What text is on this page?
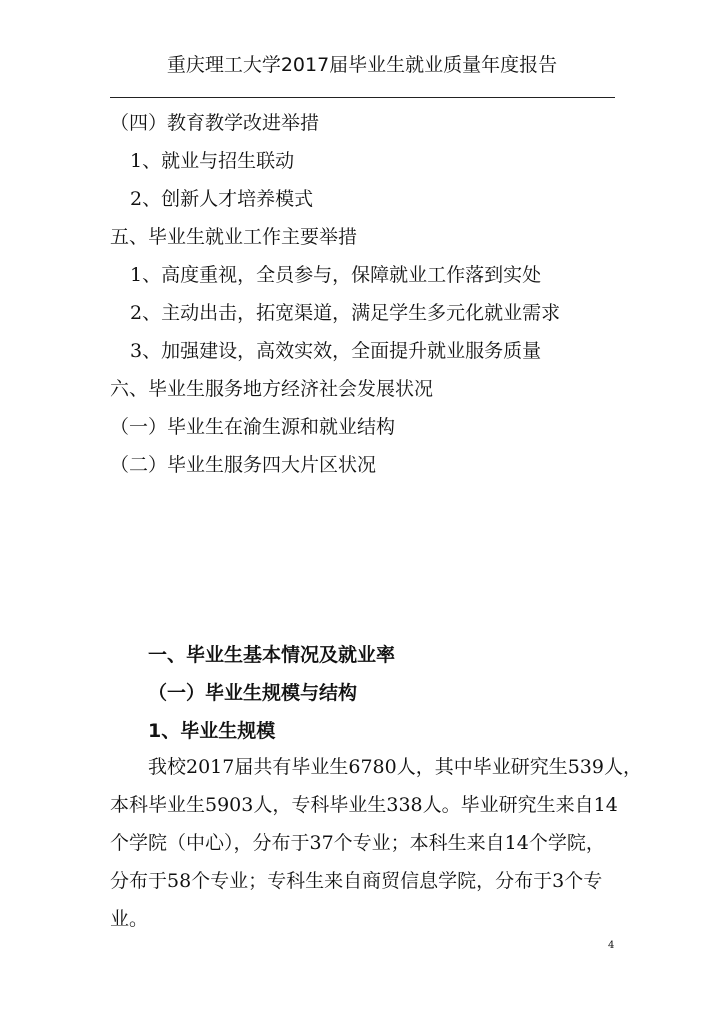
重庆理工大学2017届毕业生就业质量年度报告
（四）教育教学改进举措
1、就业与招生联动
2、创新人才培养模式
五、毕业生就业工作主要举措
1、高度重视，全员参与，保障就业工作落到实处
2、主动出击，拓宽渠道，满足学生多元化就业需求
3、加强建设，高效实效，全面提升就业服务质量
六、毕业生服务地方经济社会发展状况
（一）毕业生在渝生源和就业结构
（二）毕业生服务四大片区状况
一、毕业生基本情况及就业率
（一）毕业生规模与结构
1、毕业生规模
我校2017届共有毕业生6780人，其中毕业研究生539人，
本科毕业生5903人，专科毕业生338人。毕业研究生来自14
个学院（中心），分布于37个专业；本科生来自14个学院，
分布于58个专业；专科生来自商贸信息学院，分布于3个专
业。
4
